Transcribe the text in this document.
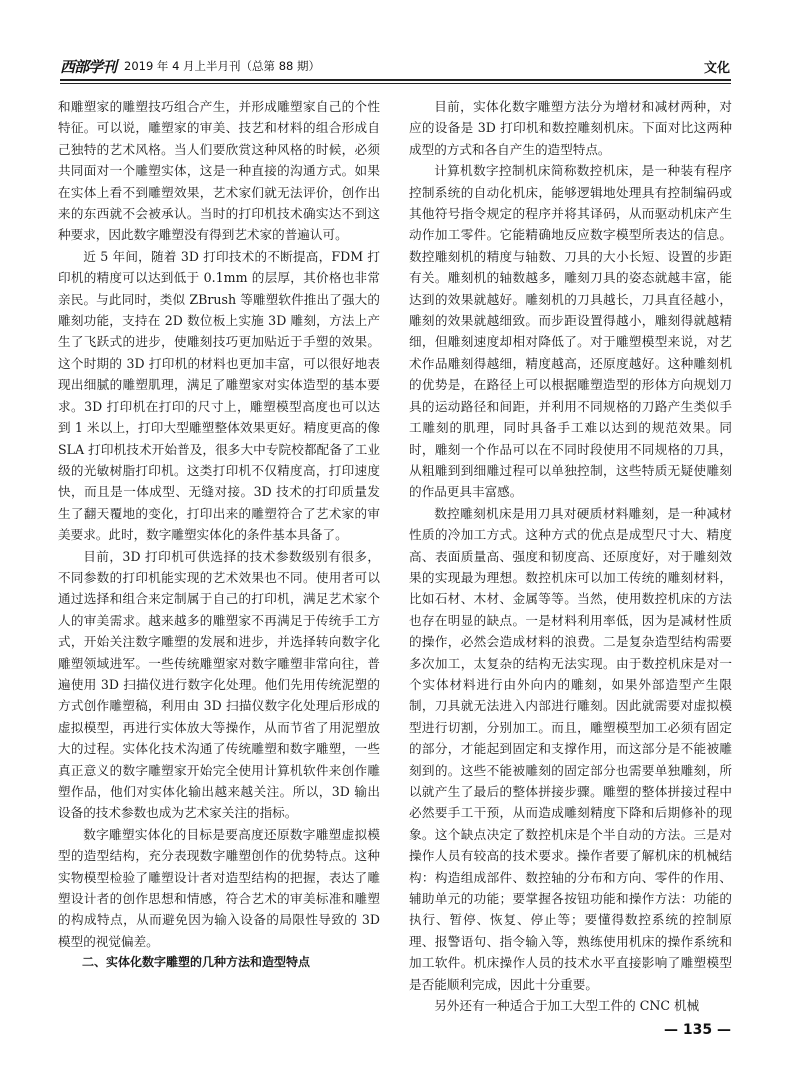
西部学刊 2019 年 4 月上半月刊（总第 88 期）	文化

和雕塑家的雕塑技巧组合产生，并形成雕塑家自己的个性特征。可以说，雕塑家的审美、技艺和材料的组合形成自己独特的艺术风格。当人们要欣赏这种风格的时候，必须共同面对一个雕塑实体，这是一种直接的沟通方式。如果在实体上看不到雕塑效果，艺术家们就无法评价，创作出来的东西就不会被承认。当时的打印机技术确实达不到这种要求，因此数字雕塑没有得到艺术家的普遍认可。

近 5 年间，随着 3D 打印技术的不断提高，FDM 打印机的精度可以达到低于 0.1mm 的层厚，其价格也非常亲民。与此同时，类似 ZBrush 等雕塑软件推出了强大的雕刻功能，支持在 2D 数位板上实施 3D 雕刻，方法上产生了飞跃式的进步，使雕刻技巧更加贴近于手塑的效果。这个时期的 3D 打印机的材料也更加丰富，可以很好地表现出细腻的雕塑肌理，满足了雕塑家对实体造型的基本要求。3D 打印机在打印的尺寸上，雕塑模型高度也可以达到 1 米以上，打印大型雕塑整体效果更好。精度更高的像 SLA 打印机技术开始普及，很多大中专院校都配备了工业级的光敏树脂打印机。这类打印机不仅精度高，打印速度快，而且是一体成型、无缝对接。3D 技术的打印质量发生了翻天覆地的变化，打印出来的雕塑符合了艺术家的审美要求。此时，数字雕塑实体化的条件基本具备了。

目前，3D 打印机可供选择的技术参数级别有很多，不同参数的打印机能实现的艺术效果也不同。使用者可以通过选择和组合来定制属于自己的打印机，满足艺术家个人的审美需求。越来越多的雕塑家不再满足于传统手工方式，开始关注数字雕塑的发展和进步，并选择转向数字化雕塑领域进军。一些传统雕塑家对数字雕塑非常向往，普遍使用 3D 扫描仪进行数字化处理。他们先用传统泥塑的方式创作雕塑稿，利用由 3D 扫描仪数字化处理后形成的虚拟模型，再进行实体放大等操作，从而节省了用泥塑放大的过程。实体化技术沟通了传统雕塑和数字雕塑，一些真正意义的数字雕塑家开始完全使用计算机软件来创作雕塑作品，他们对实体化输出越来越关注。所以，3D 输出设备的技术参数也成为艺术家关注的指标。

数字雕塑实体化的目标是要高度还原数字雕塑虚拟模型的造型结构，充分表现数字雕塑创作的优势特点。这种实物模型检验了雕塑设计者对造型结构的把握，表达了雕塑设计者的创作思想和情感，符合艺术的审美标准和雕塑的构成特点，从而避免因为输入设备的局限性导致的 3D 模型的视觉偏差。

二、实体化数字雕塑的几种方法和造型特点

目前，实体化数字雕塑方法分为增材和减材两种，对应的设备是 3D 打印机和数控雕刻机床。下面对比这两种成型的方式和各自产生的造型特点。

计算机数字控制机床简称数控机床，是一种装有程序控制系统的自动化机床，能够逻辑地处理具有控制编码或其他符号指令规定的程序并将其译码，从而驱动机床产生动作加工零件。它能精确地反应数字模型所表达的信息。数控雕刻机的精度与轴数、刀具的大小长短、设置的步距有关。雕刻机的轴数越多，雕刻刀具的姿态就越丰富，能达到的效果就越好。雕刻机的刀具越长，刀具直径越小，雕刻的效果就越细致。而步距设置得越小，雕刻得就越精细，但雕刻速度却相对降低了。对于雕塑模型来说，对艺术作品雕刻得越细，精度越高，还原度越好。这种雕刻机的优势是，在路径上可以根据雕塑造型的形体方向规划刀具的运动路径和间距，并利用不同规格的刀路产生类似手工雕刻的肌理，同时具备手工难以达到的规范效果。同时，雕刻一个作品可以在不同时段使用不同规格的刀具，从粗雕到到细雕过程可以单独控制，这些特质无疑使雕刻的作品更具丰富感。

数控雕刻机床是用刀具对硬质材料雕刻，是一种减材性质的冷加工方式。这种方式的优点是成型尺寸大、精度高、表面质量高、强度和韧度高、还原度好，对于雕刻效果的实现最为理想。数控机床可以加工传统的雕刻材料，比如石材、木材、金属等等。当然，使用数控机床的方法也存在明显的缺点。一是材料利用率低，因为是减材性质的操作，必然会造成材料的浪费。二是复杂造型结构需要多次加工，太复杂的结构无法实现。由于数控机床是对一个实体材料进行由外向内的雕刻，如果外部造型产生限制，刀具就无法进入内部进行雕刻。因此就需要对虚拟模型进行切割，分别加工。而且，雕塑模型加工必须有固定的部分，才能起到固定和支撑作用，而这部分是不能被雕刻到的。这些不能被雕刻的固定部分也需要单独雕刻，所以就产生了最后的整体拼接步骤。雕塑的整体拼接过程中必然要手工干预，从而造成雕刻精度下降和后期修补的现象。这个缺点决定了数控机床是个半自动的方法。三是对操作人员有较高的技术要求。操作者要了解机床的机械结构：构造组成部件、数控轴的分布和方向、零件的作用、辅助单元的功能；要掌握各按钮功能和操作方法：功能的执行、暂停、恢复、停止等；要懂得数控系统的控制原理、报警语句、指令输入等，熟练使用机床的操作系统和加工软件。机床操作人员的技术水平直接影响了雕塑模型是否能顺利完成，因此十分重要。

另外还有一种适合于加工大型工件的 CNC 机械

— 135 —
